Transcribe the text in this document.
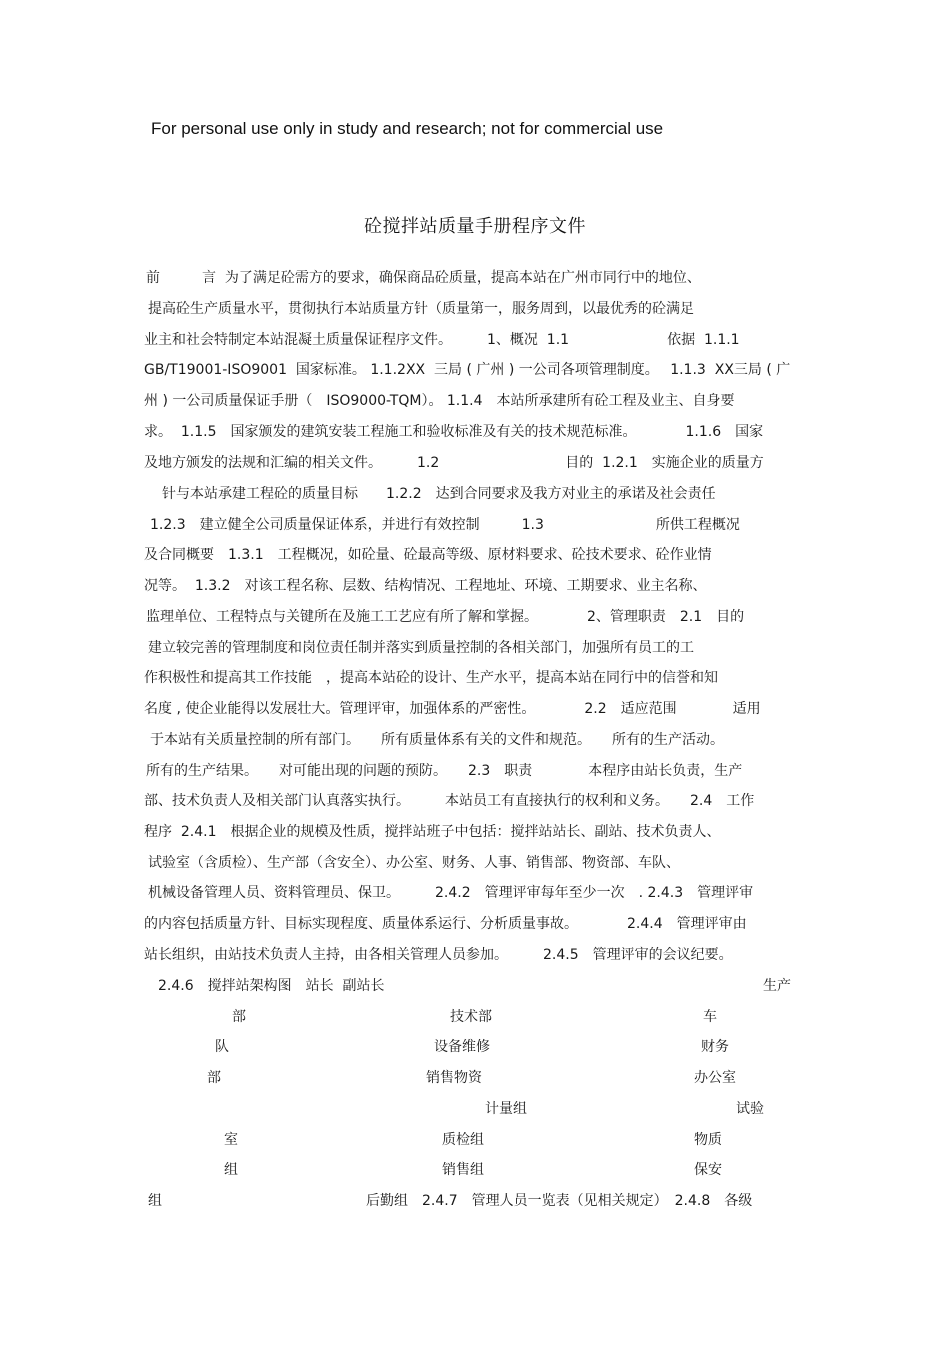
For personal use only in study and research; not for commercial use
砼搅拌站质量手册程序文件
前　　　言  为了满足砼需方的要求，确保商品砼质量，提高本站在广州市同行中的地位、
提高砼生产质量水平，贯彻执行本站质量方针（质量第一，服务周到，以最优秀的砼满足
业主和社会特制定本站混凝土质量保证程序文件。　　　1、概况  1.1　　　　　　　依据  1.1.1
GB/T19001-ISO9001  国家标准。 1.1.2XX  三局 ( 广州 ) 一公司各项管理制度。　 1.1.3  XX三局 ( 广
州 ) 一公司质量保证手册（　ISO9000-TQM）。 1.1.4　本站所承建所有砼工程及业主、自身要
求。  1.1.5　国家颁发的建筑安装工程施工和验收标准及有关的技术规范标准。　　　　1.1.6　国家
及地方颁发的法规和汇编的相关文件。　　　1.2　　　　　　　　　目的  1.2.1　实施企业的质量方
针与本站承建工程砼的质量目标　　1.2.2　达到合同要求及我方对业主的承诺及社会责任
1.2.3　建立健全公司质量保证体系，并进行有效控制　　　1.3　　　　　　　　所供工程概况
及合同概要　1.3.1　工程概况，如砼量、砼最高等级、原材料要求、砼技术要求、砼作业情
况等。  1.3.2　对该工程名称、层数、结构情况、工程地址、环境、工期要求、业主名称、
监理单位、工程特点与关键所在及施工工艺应有所了解和掌握。　　　　2、管理职责　2.1　目的
建立较完善的管理制度和岗位责任制并落实到质量控制的各相关部门，加强所有员工的工
作积极性和提高其工作技能　，提高本站砼的设计、生产水平，提高本站在同行中的信誉和知
名度 , 使企业能得以发展壮大。管理评审，加强体系的严密性。　　　　2.2　适应范围　　　　适用
于本站有关质量控制的所有部门。　　所有质量体系有关的文件和规范。　　所有的生产活动。
所有的生产结果。　　对可能出现的问题的预防。　　2.3　职责　　　　本程序由站长负责，生产
部、技术负责人及相关部门认真落实执行。　　　本站员工有直接执行的权利和义务。　　2.4　工作
程序  2.4.1　根据企业的规模及性质，搅拌站班子中包括：搅拌站站长、副站、技术负责人、
试验室（含质检）、生产部（含安全）、办公室、财务、人事、销售部、物资部、车队、
机械设备管理人员、资料管理员、保卫。　　　2.4.2　管理评审每年至少一次　. 2.4.3　管理评审
的内容包括质量方针、目标实现程度、质量体系运行、分析质量事故。　　　　2.4.4　管理评审由
站长组织，由站技术负责人主持，由各相关管理人员参加。　　　2.4.5　管理评审的会议纪要。
2.4.6　搅拌站架构图　站长  副站长	生产
部	技术部	车
队	设备维修	财务
部	销售物资	办公室
计量组	试验
室	质检组	物质
组	销售组	保安
组	后勤组　2.4.7　管理人员一览表（见相关规定）　2.4.8　各级
